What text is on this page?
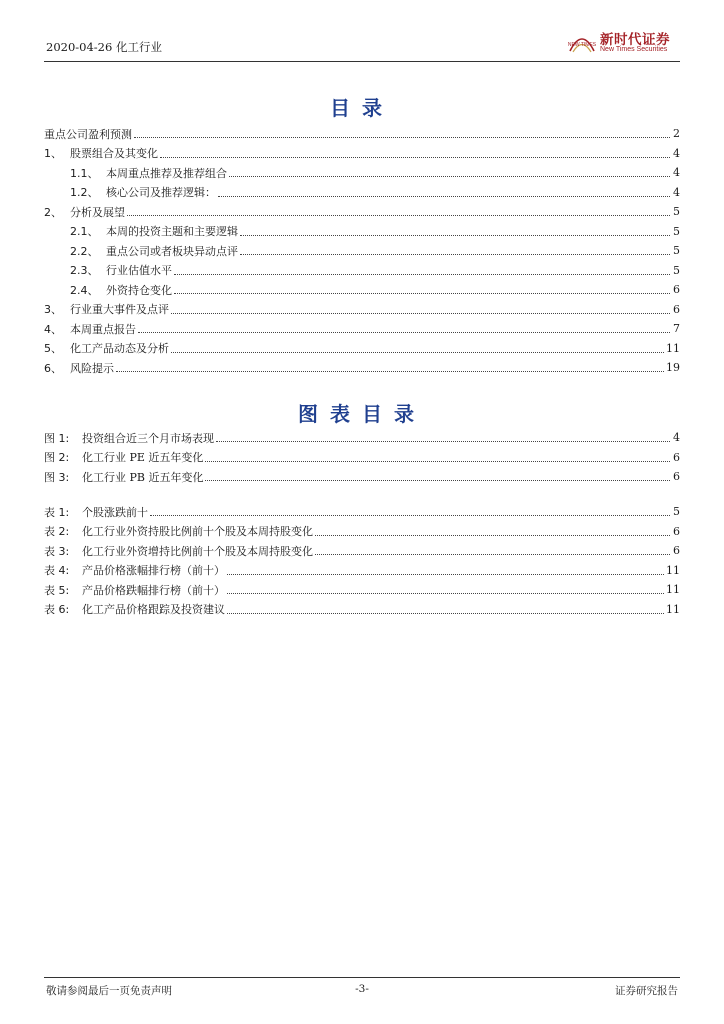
2020-04-26 化工行业	NEW TIMES 新时代证券
New Times Securities
目录
重点公司盈利预测	2
1、 股票组合及其变化	4
1.1、 本周重点推荐及推荐组合	4
1.2、 核心公司及推荐逻辑：	4
2、 分析及展望	5
2.1、 本周的投资主题和主要逻辑	5
2.2、 重点公司或者板块异动点评	5
2.3、 行业估值水平	5
2.4、 外资持仓变化	6
3、 行业重大事件及点评	6
4、 本周重点报告	7
5、 化工产品动态及分析	11
6、 风险提示	19
图表目录
图 1:	投资组合近三个月市场表现	4
图 2:	化工行业 PE 近五年变化	6
图 3:	化工行业 PB 近五年变化	6
表 1:	个股涨跌前十	5
表 2:	化工行业外资持股比例前十个股及本周持股变化	6
表 3:	化工行业外资增持比例前十个股及本周持股变化	6
表 4:	产品价格涨幅排行榜（前十）	11
表 5:	产品价格跌幅排行榜（前十）	11
表 6:	化工产品价格跟踪及投资建议	11
敬请参阅最后一页免责声明	-3-	证券研究报告
